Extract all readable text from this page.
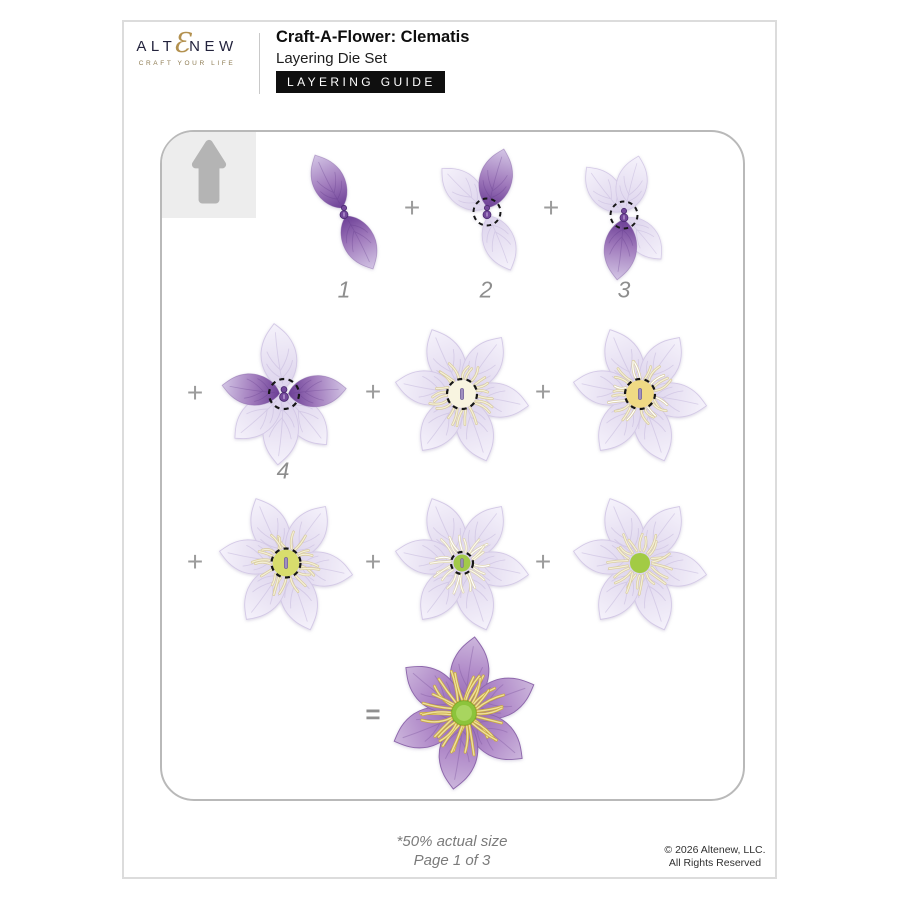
ALT
Ɛ NEW
CRAFT YOUR LIFE
Craft-A-Flower: Clematis
Layering Die Set
LAYERING GUIDE
+	+
+	+	+
+	+	+
=
1	2	3
4
*50% actual size
Page 1 of 3
© 2026 Altenew, LLC.
All Rights Reserved
